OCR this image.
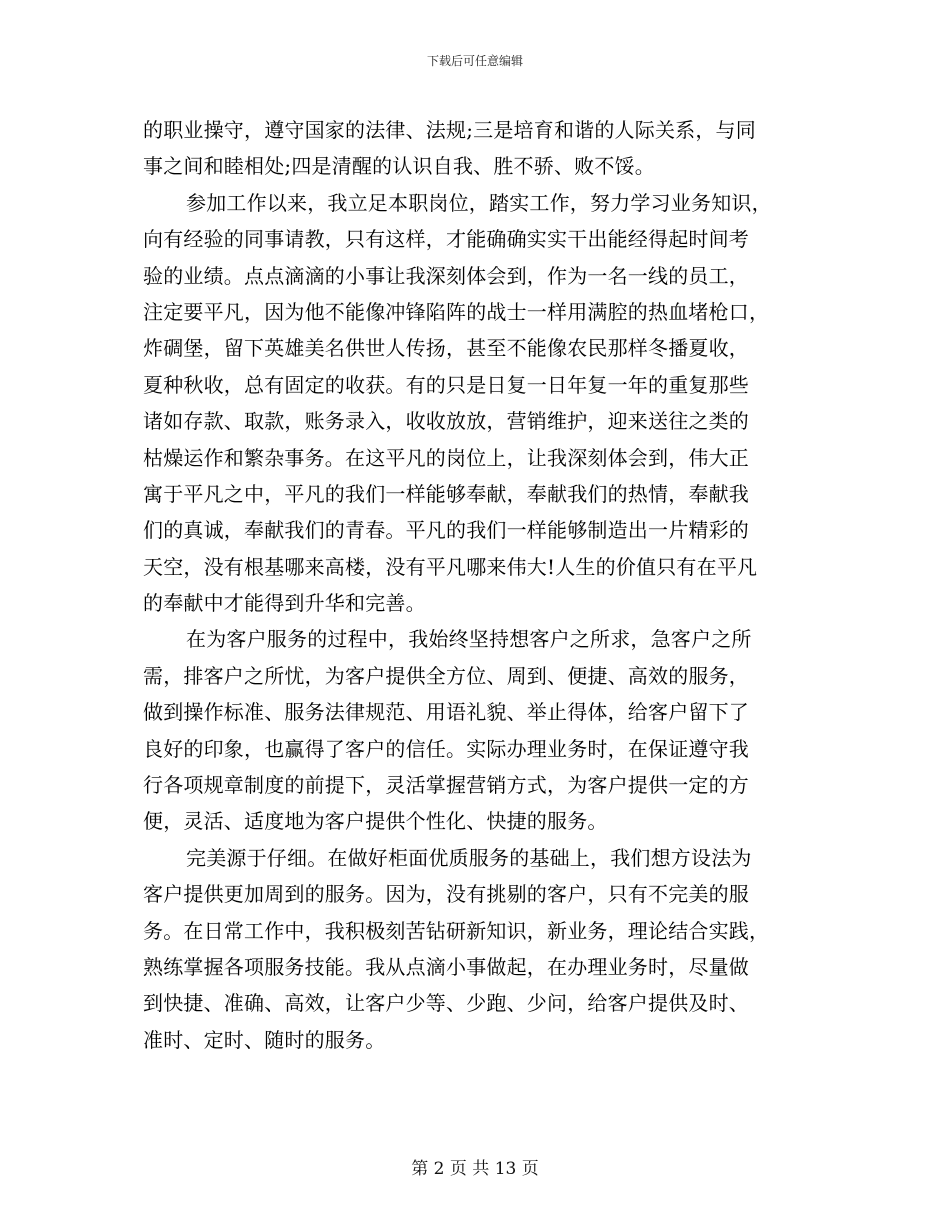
下载后可任意编辑
的职业操守，遵守国家的法律、法规;三是培育和谐的人际关系，与同
事之间和睦相处;四是清醒的认识自我、胜不骄、败不馁。
参加工作以来，我立足本职岗位，踏实工作，努力学习业务知识，
向有经验的同事请教，只有这样，才能确确实实干出能经得起时间考
验的业绩。点点滴滴的小事让我深刻体会到，作为一名一线的员工，
注定要平凡，因为他不能像冲锋陷阵的战士一样用满腔的热血堵枪口，
炸碉堡，留下英雄美名供世人传扬，甚至不能像农民那样冬播夏收，
夏种秋收，总有固定的收获。有的只是日复一日年复一年的重复那些
诸如存款、取款，账务录入，收收放放，营销维护，迎来送往之类的
枯燥运作和繁杂事务。在这平凡的岗位上，让我深刻体会到，伟大正
寓于平凡之中，平凡的我们一样能够奉献，奉献我们的热情，奉献我
们的真诚，奉献我们的青春。平凡的我们一样能够制造出一片精彩的
天空，没有根基哪来高楼，没有平凡哪来伟大!人生的价值只有在平凡
的奉献中才能得到升华和完善。
在为客户服务的过程中，我始终坚持想客户之所求，急客户之所
需，排客户之所忧，为客户提供全方位、周到、便捷、高效的服务，
做到操作标准、服务法律规范、用语礼貌、举止得体，给客户留下了
良好的印象，也赢得了客户的信任。实际办理业务时，在保证遵守我
行各项规章制度的前提下，灵活掌握营销方式，为客户提供一定的方
便，灵活、适度地为客户提供个性化、快捷的服务。
完美源于仔细。在做好柜面优质服务的基础上，我们想方设法为
客户提供更加周到的服务。因为，没有挑剔的客户，只有不完美的服
务。在日常工作中，我积极刻苦钻研新知识，新业务，理论结合实践，
熟练掌握各项服务技能。我从点滴小事做起，在办理业务时，尽量做
到快捷、准确、高效，让客户少等、少跑、少问，给客户提供及时、
准时、定时、随时的服务。
第 2 页 共 13 页
